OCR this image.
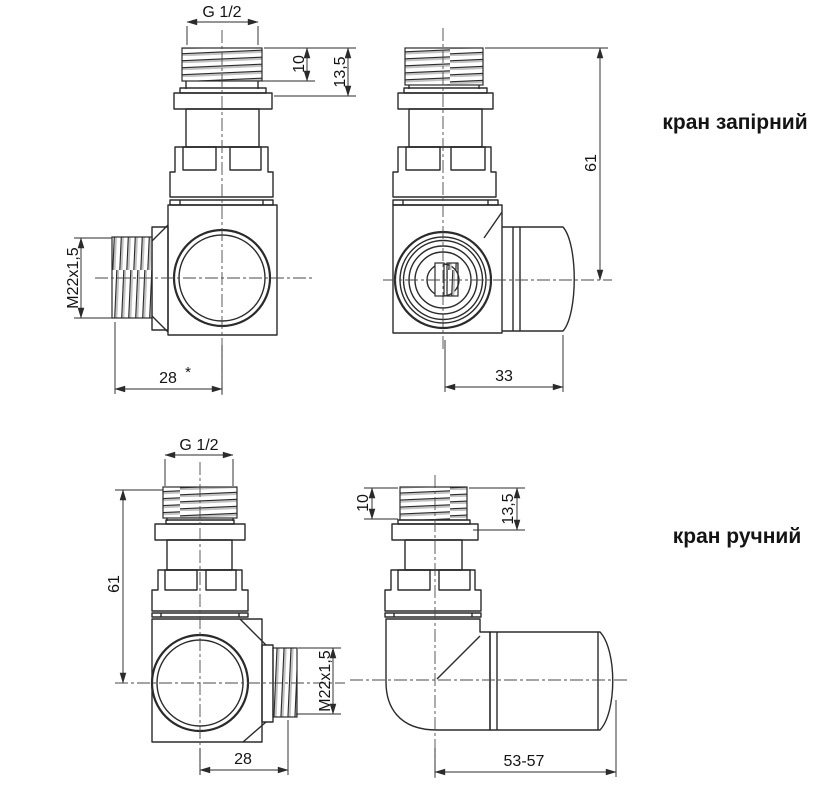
G 1/2
10 13,5
M22x1,5
28 *
61
33
кран запірний
G 1/2
61
M22x1,5
28
10	13,5
53-57
кран ручний
